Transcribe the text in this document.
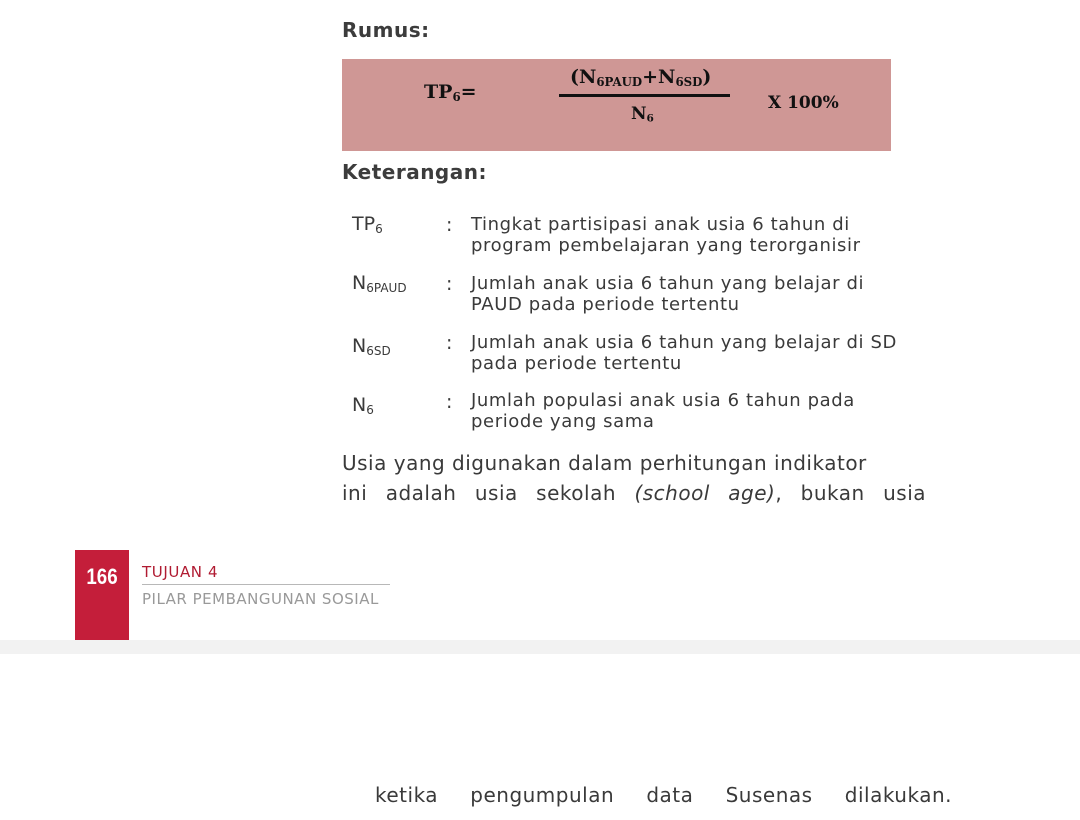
Rumus:
$TP_6=$
$(N_{6PAUD}+N_{6SD})$
$N_6$
X 100%
Keterangan:
$TP_6$	: Tingkat partisipasi anak usia 6 tahun di program pembelajaran yang terorganisir
$N_{6PAUD}$ : Jumlah anak usia 6 tahun yang belajar di PAUD pada periode tertentu
$N_{6SD}$	: Jumlah anak usia 6 tahun yang belajar di SD pada periode tertentu
$N_6$	: Jumlah populasi anak usia 6 tahun pada periode yang sama
Usia yang digunakan dalam perhitungan indikator
ini adalah usia sekolah (school age), bukan usia
166	TUJUAN 4
PILAR PEMBANGUNAN SOSIAL
ketika pengumpulan data Susenas dilakukan.
